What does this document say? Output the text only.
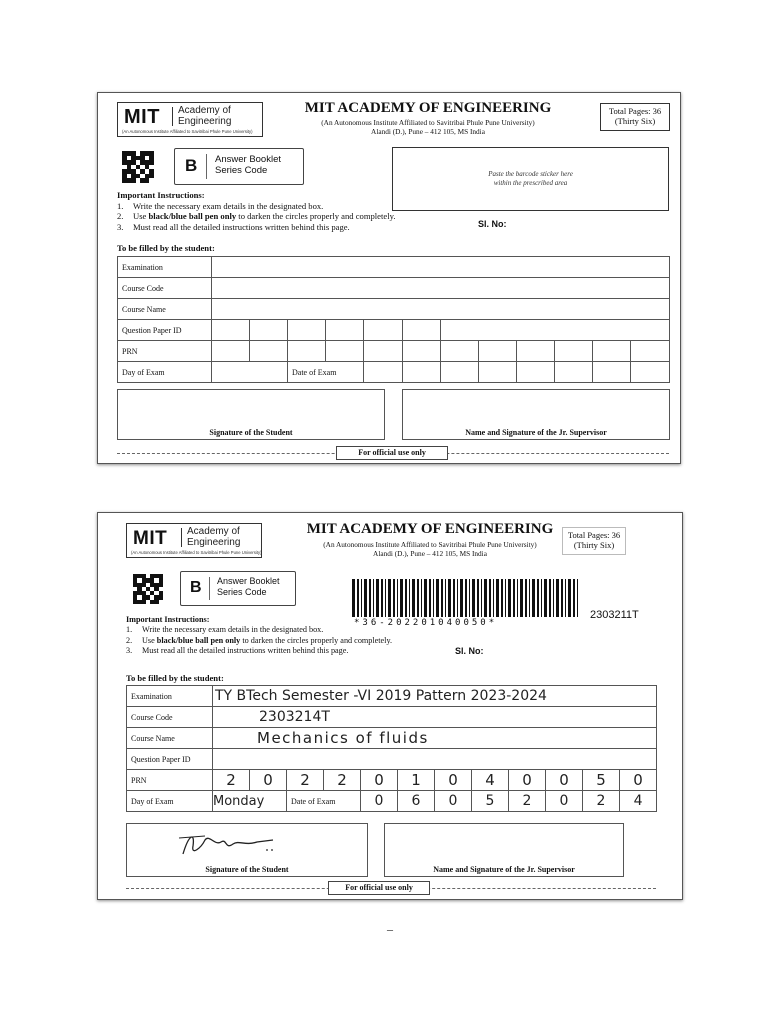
MIT Academy of
Engineering
(An Autonomous Institute Affiliated to Savitribai Phule Pune University)
MIT ACADEMY OF ENGINEERING
(An Autonomous Institute Affiliated to Savitribai Phule Pune University)
Alandi (D.), Pune – 412 105, MS India
Total Pages: 36
(Thirty Six)
B Answer Booklet
Series Code	Paste the barcode sticker here
within the prescribed area
Important Instructions:
1.	Write the necessary exam details in the designated box.
2.	Use black/blue ball pen only to darken the circles properly and completely.
3.	Must read all the detailed instructions written behind this page.	Sl. No:
To be filled by the student:
Examination												
Course Code												
Course Name												
Question Paper ID												
PRN												
Day of Exam			Date of Exam									
Signature of the Student	Name and Signature of the Jr. Supervisor
For official use only
MIT Academy of
Engineering
(An Autonomous Institute Affiliated to Savitribai Phule Pune University)
MIT ACADEMY OF ENGINEERING
(An Autonomous Institute Affiliated to Savitribai Phule Pune University)
Alandi (D.), Pune – 412 105, MS India
Total Pages: 36
(Thirty Six)
B Answer Booklet
Series Code
*36-202201040050*
2303211T
Important Instructions:
1.	Write the necessary exam details in the designated box.
2.	Use black/blue ball pen only to darken the circles properly and completely.
3.	Must read all the detailed instructions written behind this page.	Sl. No:
To be filled by the student:
Examination	TY BTech Semester -VI 2019 Pattern 2023-2024											
Course Code	2303214T											
Course Name	Mechanics of fluids											
Question Paper ID												
PRN	2	0	2	2	0	1	0	4	0	0	5	0
Day of Exam	Monday		Date of Exam		0	6	0	5	2	0	2	4
Signature of the Student	Name and Signature of the Jr. Supervisor
For official use only
–
